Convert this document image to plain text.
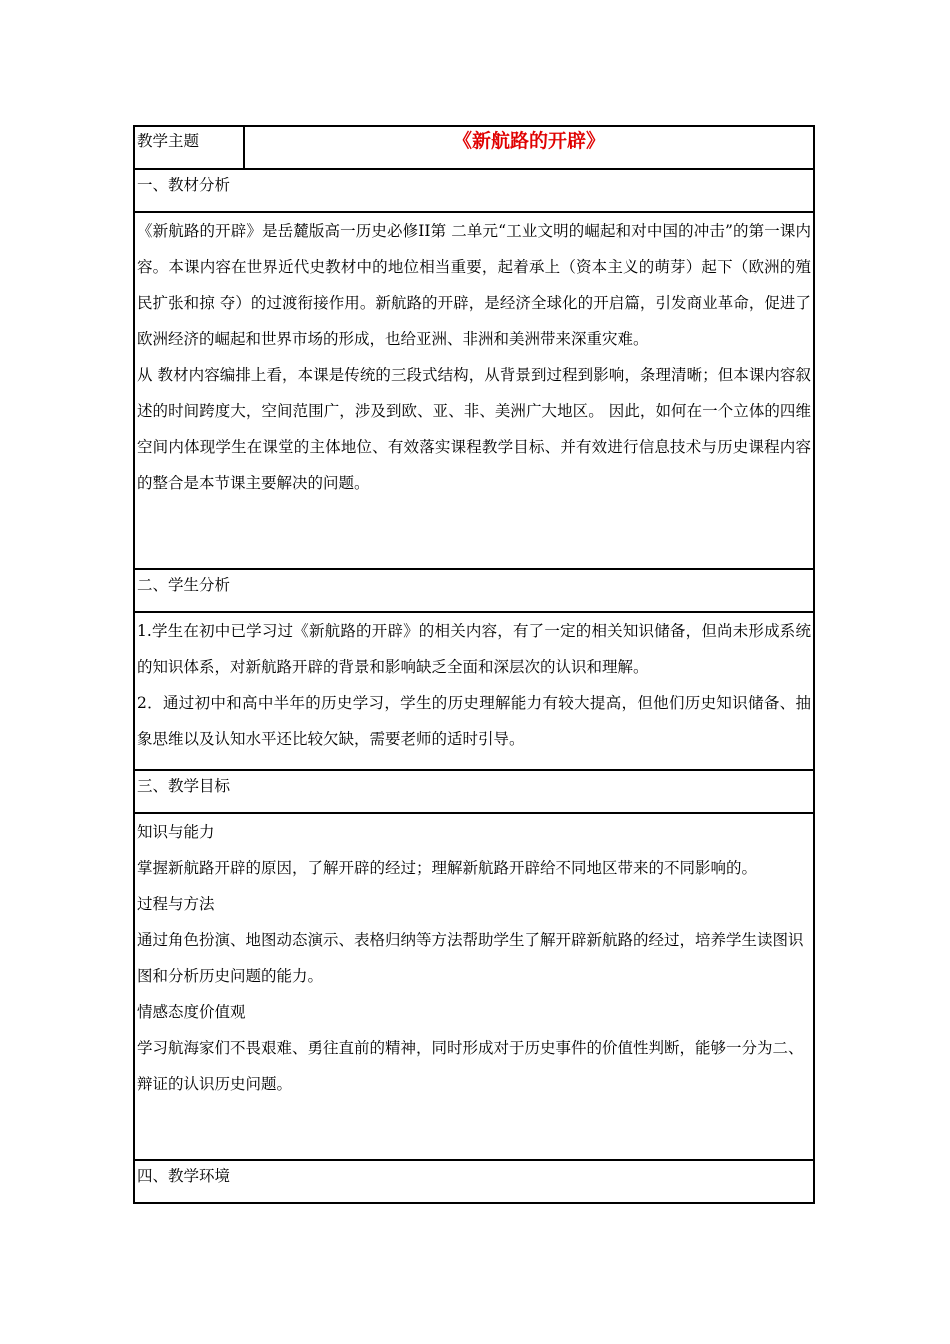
教学主题	《新航路的开辟》
一、教材分析

《新航路的开辟》是岳麓版高一历史必修II第 二单元“工业文明的崛起和对中国的冲击”的第一课内容。本课内容在世界近代史教材中的地位相当重要，起着承上（资本主义的萌芽）起下（欧洲的殖民扩张和掠 夺）的过渡衔接作用。新航路的开辟，是经济全球化的开启篇，引发商业革命，促进了欧洲经济的崛起和世界市场的形成，也给亚洲、非洲和美洲带来深重灾难。

从 教材内容编排上看，本课是传统的三段式结构，从背景到过程到影响，条理清晰；但本课内容叙述的时间跨度大，空间范围广，涉及到欧、亚、非、美洲广大地区。 因此，如何在一个立体的四维空间内体现学生在课堂的主体地位、有效落实课程教学目标、并有效进行信息技术与历史课程内容的整合是本节课主要解决的问题。

二、学生分析

1.学生在初中已学习过《新航路的开辟》的相关内容，有了一定的相关知识储备，但尚未形成系统的知识体系，对新航路开辟的背景和影响缺乏全面和深层次的认识和理解。

2．通过初中和高中半年的历史学习，学生的历史理解能力有较大提高，但他们历史知识储备、抽象思维以及认知水平还比较欠缺，需要老师的适时引导。

三、教学目标

知识与能力

掌握新航路开辟的原因，了解开辟的经过；理解新航路开辟给不同地区带来的不同影响的。

过程与方法

通过角色扮演、地图动态演示、表格归纳等方法帮助学生了解开辟新航路的经过，培养学生读图识图和分析历史问题的能力。

情感态度价值观

学习航海家们不畏艰难、勇往直前的精神，同时形成对于历史事件的价值性判断，能够一分为二、辩证的认识历史问题。

四、教学环境
